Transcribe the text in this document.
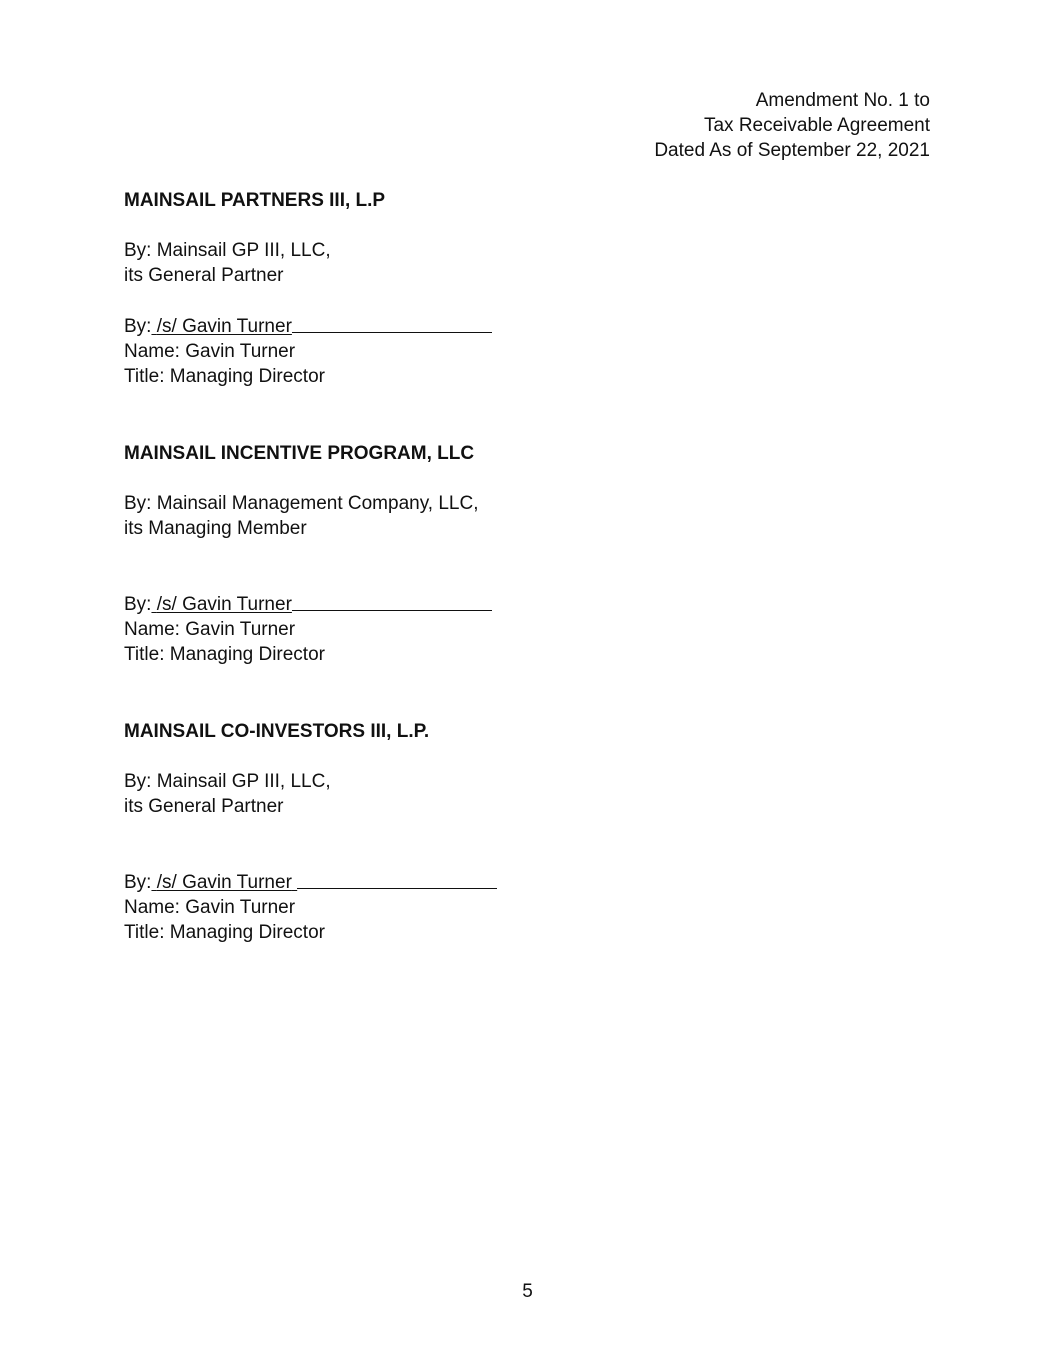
Amendment No. 1 to
Tax Receivable Agreement
Dated As of September 22, 2021
MAINSAIL PARTNERS III, L.P
By: Mainsail GP III, LLC,
its General Partner
By: /s/ Gavin Turner
Name: Gavin Turner
Title: Managing Director
MAINSAIL INCENTIVE PROGRAM, LLC
By: Mainsail Management Company, LLC,
its Managing Member
By: /s/ Gavin Turner
Name: Gavin Turner
Title: Managing Director
MAINSAIL CO-INVESTORS III, L.P.
By: Mainsail GP III, LLC,
its General Partner
By: /s/ Gavin Turner
Name: Gavin Turner
Title: Managing Director
5
